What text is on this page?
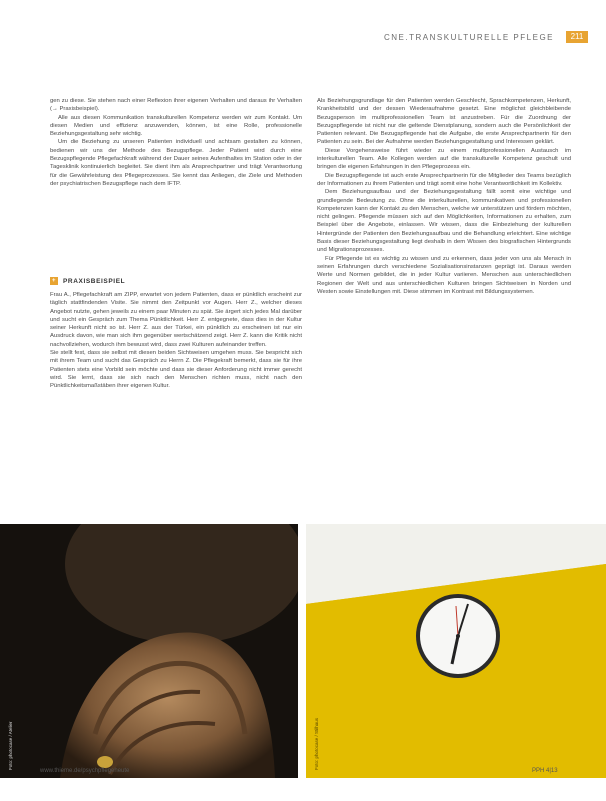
CNE.TRANSKULTURELLE PFLEGE	211

gen zu diese. Sie stehen nach einer Reflexion ihrer eigenen Verhalten und daraus ihr Verhalten (→ Praxisbeispiel).

Alle aus diesen Kommunikation transkulturellen Kompetenz werden wir zum Kontakt. Um diesen Medien und effizienz anzuwenden, können, ist eine Rolle, professionelle Beziehungsgestaltung sehr wichtig.

Um die Beziehung zu unseren Patienten individuell und achtsam gestalten zu können, bedienen wir uns der Methode des Bezugspflege. Jeder Patient wird durch eine Bezugspflegende Pflegefachkraft während der Dauer seines Aufenthaltes im Station oder in der Tagesklinik kontinuierlich begleitet. Sie dient ihm als Ansprechpartner und trägt Verantwortung für die Gewährleistung des Pflegeprozesses. Sie kennt das Anliegen, die Ziele und Methoden der psychiatrischen Bezugspflege nach dem IFTP.

+	PRAXISBEISPIEL

Frau A., Pflegefachkraft am ZIPP, erwartet von jedem Patienten, dass er pünktlich erscheint zur täglich stattfindenden Visite. Sie nimmt den Zeitpunkt vor Augen. Herr Z., welcher dieses Angebot nutzte, gehen jeweils zu einem paar Minuten zu spät. Sie ärgert sich jedes Mal darüber und sucht ein Gespräch zum Thema Pünktlichkeit. Herr Z. entgegnete, dass dies in der Kultur seiner Herkunft nicht so ist. Herr Z. aus der Türkei, ein pünktlich zu erscheinen ist nur ein Ausdruck davon, wie man sich ihm gegenüber wertschätzend zeigt. Herr Z. kann die Kritik nicht nachvollziehen, wodurch ihm bewusst wird, dass zwei Kulturen aufeinander treffen.

Sie stellt fest, dass sie selbst mit diesen beiden Sichtweisen umgehen muss. Sie bespricht sich mit ihrem Team und sucht das Gespräch zu Herrn Z. Die Pflegekraft bemerkt, dass sie für ihre Patienten stets eine Vorbild sein möchte und dass sie dieser Anforderung nicht immer gerecht wird. Sie lernt, dass sie sich nach den Menschen richten muss, nicht nach den Pünktlichkeitsmaßstäben ihrer eigenen Kultur.

Als Beziehungsgrundlage für den Patienten werden Geschlecht, Sprachkompetenzen, Herkunft, Krankheitsbild und der dessen Wiederaufnahme gesetzt. Eine möglichst gleichbleibende Bezugsperson im multiprofessionellen Team ist anzustreben. Für die Zuordnung der Bezugspflegende ist nicht nur die geltende Dienstplanung, sondern auch die Persönlichkeit der Patienten relevant. Die Bezugspflegende hat die Aufgabe, die erste Ansprechpartnerin für den Patienten zu sein. Bei der Aufnahme werden Beziehungsgestaltung und Interessen geklärt.

Diese Vorgehensweise führt wieder zu einem multiprofessionellen Austausch im interkulturellen Team. Alle Kollegen werden auf die transkulturelle Kompetenz geschult und bringen die eigenen Erfahrungen in den Pflegeprozess ein.

Die Bezugspflegende ist auch erste Ansprechpartnerin für die Mitglieder des Teams bezüglich der Informationen zu ihrem Patienten und trägt somit eine hohe Verantwortlichkeit im Kollektiv.

Dem Beziehungsaufbau und der Beziehungsgestaltung fällt somit eine wichtige und grundlegende Bedeutung zu. Ohne die interkulturellen, kommunikativen und professionellen Kompetenzen kann der Kontakt zu den Menschen, welche wir unterstützen und fördern möchten, nicht gelingen. Pflegende müssen sich auf den Möglichkeiten, Informationen zu erhalten, zum Beispiel über die Angebote, einlassen. Wir wissen, dass die Einbeziehung der kulturellen Hintergründe der Patienten den Beziehungsaufbau und die Behandlung erleichtert. Eine wichtige Basis dieser Beziehungsgestaltung liegt deshalb in dem Wissen des biografischen Hintergrunds und Migrationsprozesses.

Für Pflegende ist es wichtig zu wissen und zu erkennen, dass jeder von uns als Mensch in seinen Erfahrungen durch verschiedene Sozialisationsinstanzen geprägt ist. Daraus werden Werte und Normen gebildet, die in jeder Kultur variieren. Menschen aus unterschiedlichen Regionen der Welt und aus unterschiedlichen Kulturen bringen Sichtweisen in Norden und Westen sowie Einstellungen mit. Diese stimmen im Kontrast mit Bildungssystemen.

Foto: photocase / Atelier	Foto: photocase / Stilhaus
www.thieme.de/psychpflegeheute	PPH 4|13
